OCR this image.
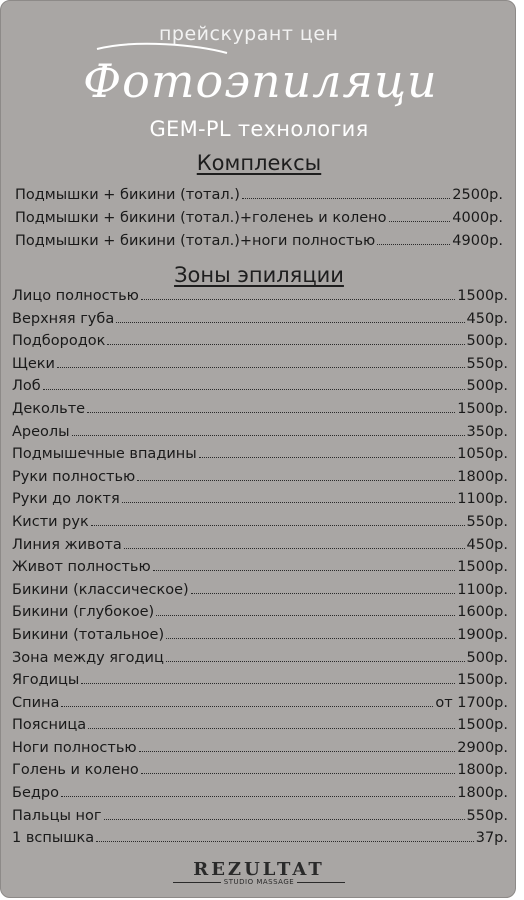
прейскурант цен
Фотоэпиляция
GEM-PL технология
Комплексы
Подмышки + бикини (тотал.)	2500р.
Подмышки + бикини (тотал.)+голенеь и колено	4000р.
Подмышки + бикини (тотал.)+ноги полностью	4900р.
Зоны эпиляции
Лицо полностью	1500р.
Верхняя губа	450р.
Подбородок	500р.
Щеки	550р.
Лоб	500р.
Декольте	1500р.
Ареолы	350р.
Подмышечные впадины	1050р.
Руки полностью	1800р.
Руки до локтя	1100р.
Кисти рук	550р.
Линия живота	450р.
Живот полностью	1500р.
Бикини (классическое)	1100р.
Бикини (глубокое)	1600р.
Бикини (тотальное)	1900р.
Зона между ягодиц	500р.
Ягодицы	1500р.
Спина	от 1700р.
Поясница	1500р.
Ноги полностью	2900р.
Голень и колено	1800р.
Бедро	1800р.
Пальцы ног	550р.
1 вспышка	37р.
REZULTAT
STUDIO MASSAGE
